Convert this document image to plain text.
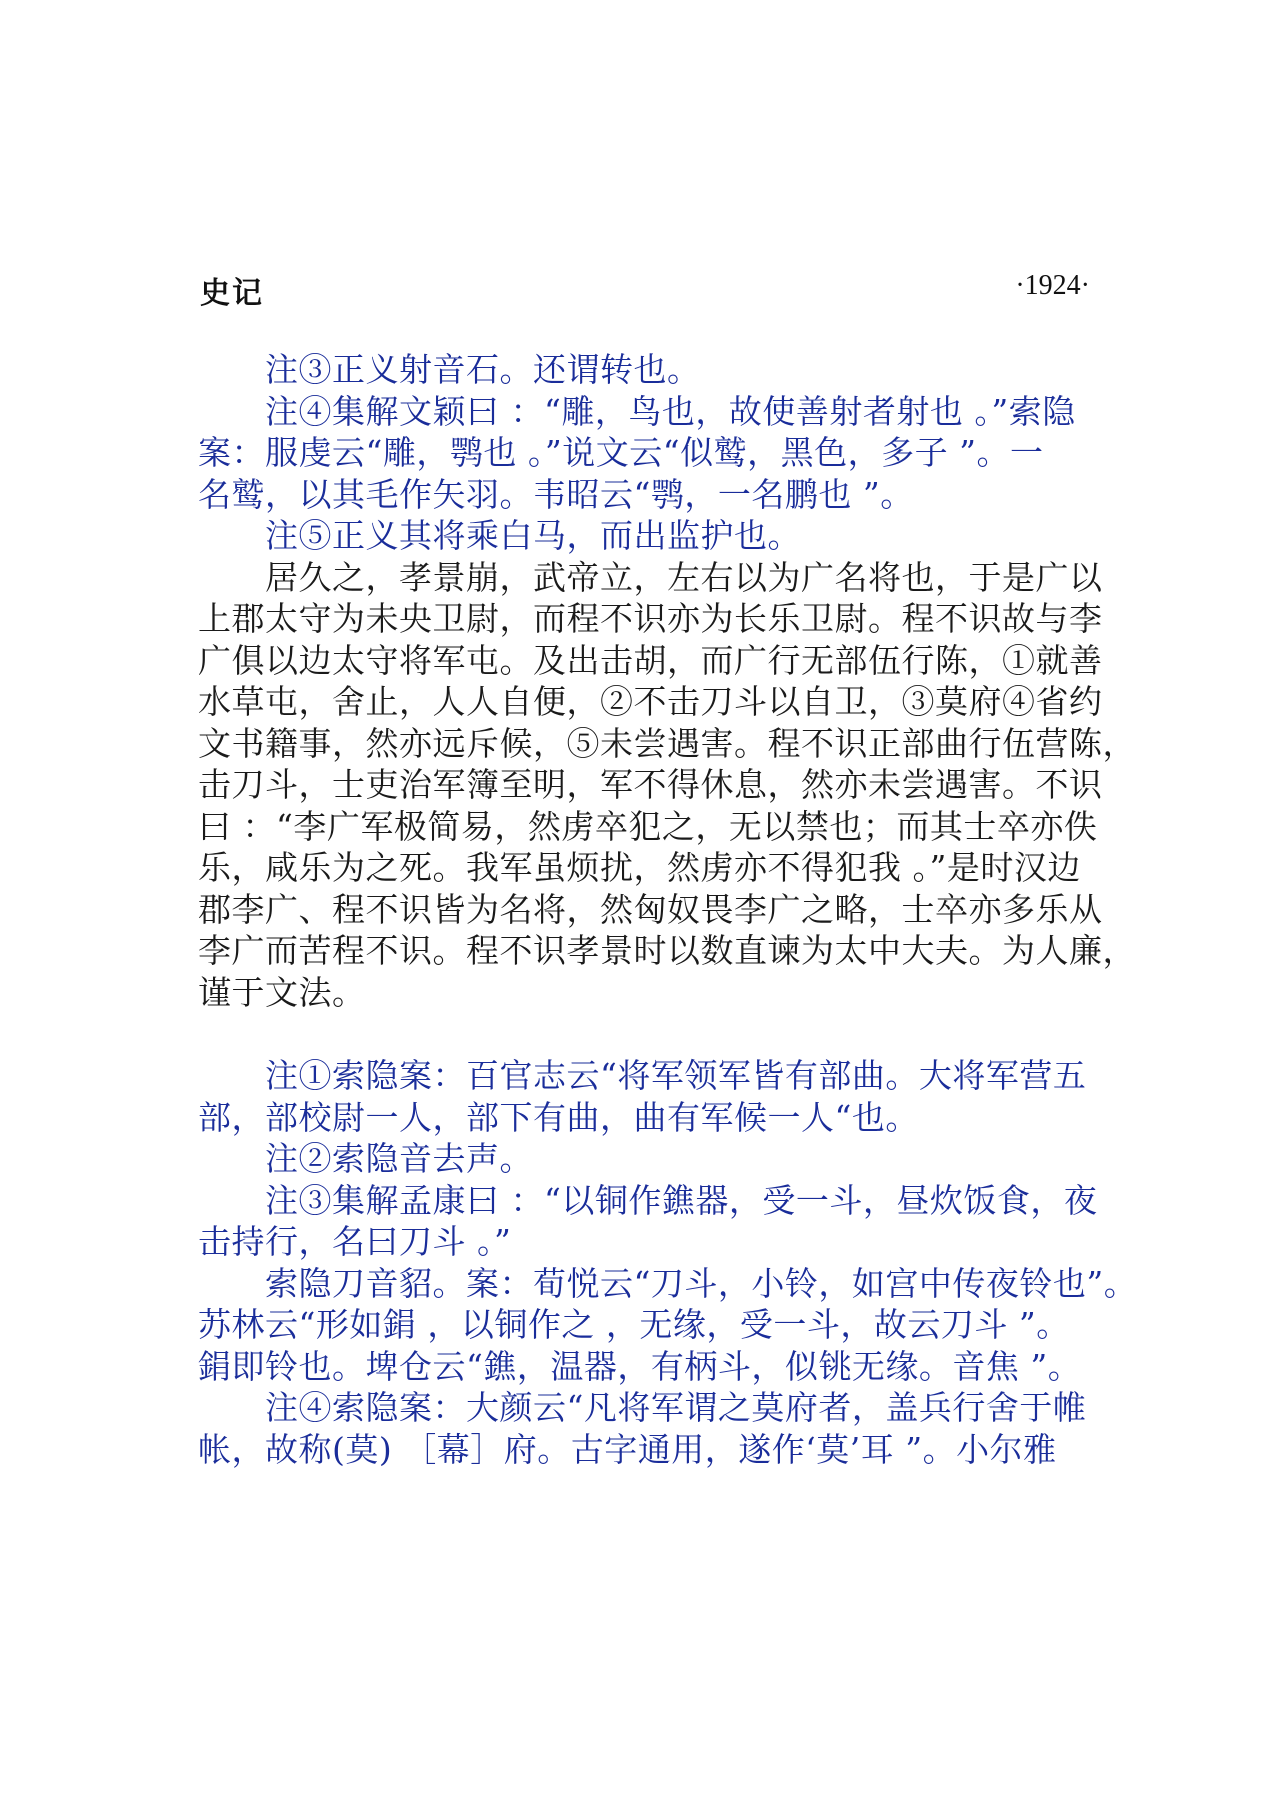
史记	·1924·
　　注③正义射音石。还谓转也。
　　注④集解文颖曰 ：“雕，鸟也，故使善射者射也 。”索隐
案：服虔云“雕，鹗也 。”说文云“似鹫，黑色，多子 ”。一
名鹫，以其毛作矢羽。韦昭云“鹗，一名鹏也 ”。
　　注⑤正义其将乘白马，而出监护也。
　　居久之，孝景崩，武帝立，左右以为广名将也，于是广以
上郡太守为未央卫尉，而程不识亦为长乐卫尉。程不识故与李
广俱以边太守将军屯。及出击胡，而广行无部伍行陈，①就善
水草屯，舍止，人人自便，②不击刀斗以自卫，③莫府④省约
文书籍事，然亦远斥候，⑤未尝遇害。程不识正部曲行伍营陈，
击刀斗，士吏治军簿至明，军不得休息，然亦未尝遇害。不识
曰 ：“李广军极简易，然虏卒犯之，无以禁也；而其士卒亦佚
乐，咸乐为之死。我军虽烦扰，然虏亦不得犯我 。”是时汉边
郡李广、程不识皆为名将，然匈奴畏李广之略，士卒亦多乐从
李广而苦程不识。程不识孝景时以数直谏为太中大夫。为人廉，
谨于文法。
　　注①索隐案：百官志云“将军领军皆有部曲。大将军营五
部，部校尉一人，部下有曲，曲有军候一人“也。
　　注②索隐音去声。
　　注③集解孟康曰 ：“以铜作鐎器，受一斗，昼炊饭食，夜
击持行，名曰刀斗 。”
　　索隐刀音貂。案：荀悦云“刀斗，小铃，如宫中传夜铃也”。
苏林云“形如鋗 ，以铜作之 ，无缘，受一斗，故云刀斗 ”。
鋗即铃也。埤仓云“鐎，温器，有柄斗，似铫无缘。音焦 ”。
　　注④索隐案：大颜云“凡将军谓之莫府者，盖兵行舍于帷
帐，故称(莫) ［幕］府。古字通用，遂作‘莫’耳 ”。小尔雅
